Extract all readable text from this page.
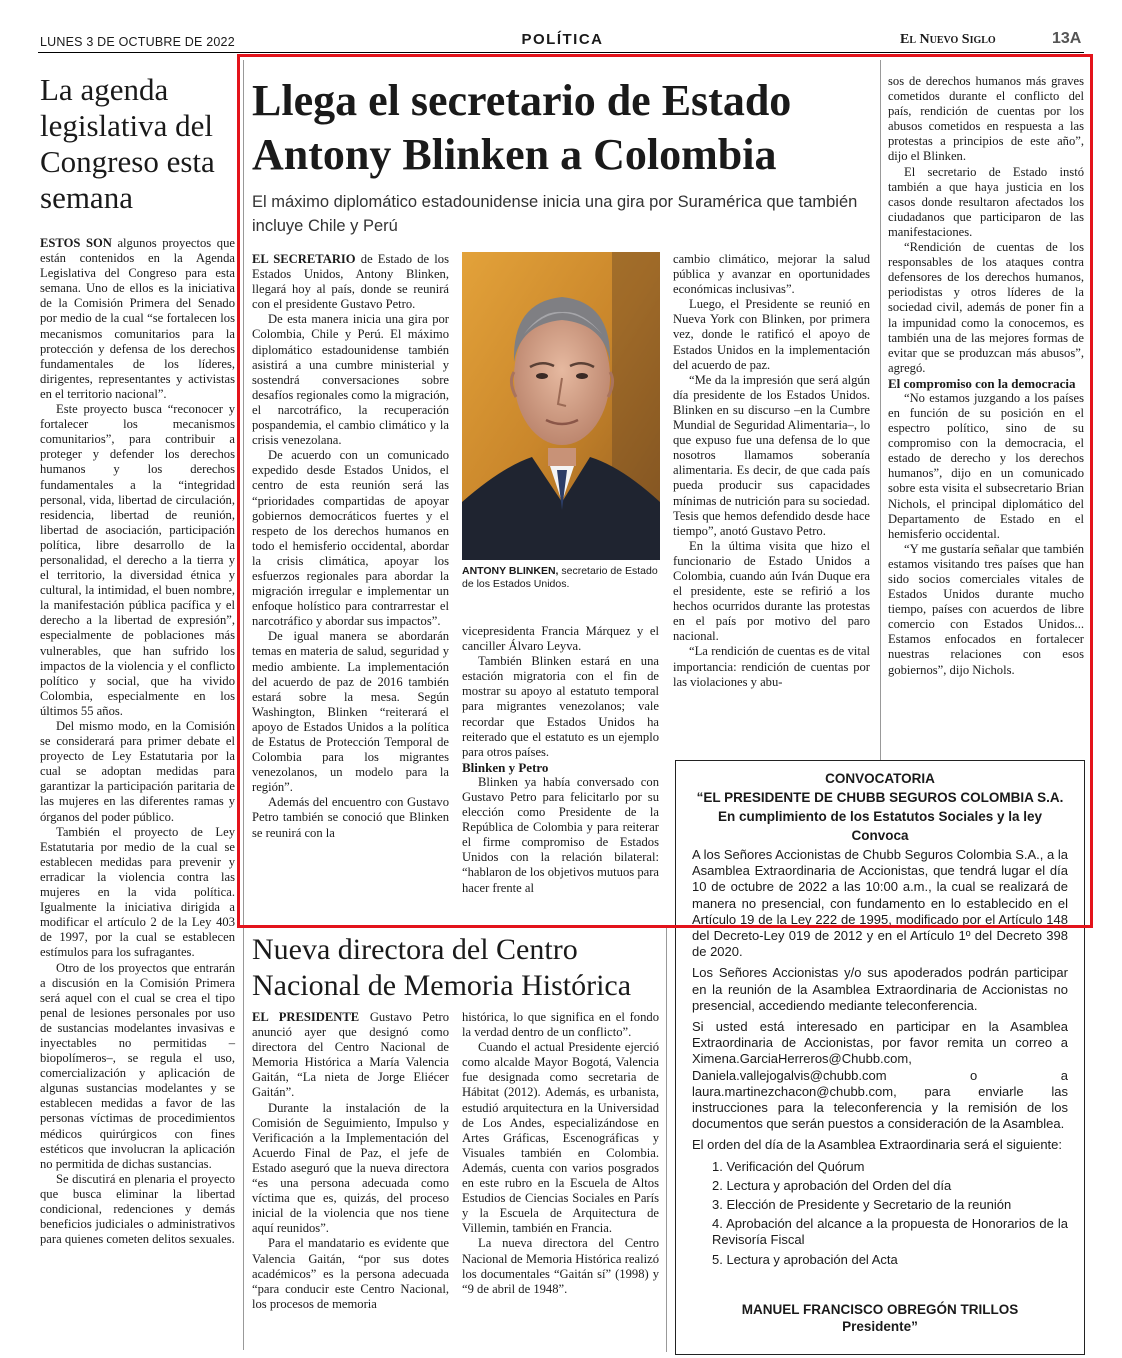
LUNES 3 DE OCTUBRE DE 2022	POLÍTICA	El Nuevo Siglo	13A
La agenda legislativa del Congreso esta semana

ESTOS SON algunos proyectos que están contenidos en la Agenda Legislativa del Congreso para esta semana. Uno de ellos es la iniciativa de la Comisión Primera del Senado por medio de la cual “se fortalecen los mecanismos comunitarios para la protección y defensa de los derechos fundamentales de los líderes, dirigentes, representantes y activistas en el territorio nacional”.

Este proyecto busca “reconocer y fortalecer los mecanismos comunitarios”, para contribuir a proteger y defender los derechos humanos y los derechos fundamentales a la “integridad personal, vida, libertad de circulación, residencia, libertad de reunión, libertad de asociación, participación política, libre desarrollo de la personalidad, el derecho a la tierra y el territorio, la diversidad étnica y cultural, la intimidad, el buen nombre, la manifestación pública pacífica y el derecho a la libertad de expresión”, especialmente de poblaciones más vulnerables, que han sufrido los impactos de la violencia y el conflicto político y social, que ha vivido Colombia, especialmente en los últimos 55 años.

Del mismo modo, en la Comisión se considerará para primer debate el proyecto de Ley Estatutaria por la cual se adoptan medidas para garantizar la participación paritaria de las mujeres en las diferentes ramas y órganos del poder público.

También el proyecto de Ley Estatutaria por medio de la cual se establecen medidas para prevenir y erradicar la violencia contra las mujeres en la vida política. Igualmente la iniciativa dirigida a modificar el artículo 2 de la Ley 403 de 1997, por la cual se establecen estímulos para los sufragantes.

Otro de los proyectos que entrarán a discusión en la Comisión Primera será aquel con el cual se crea el tipo penal de lesiones personales por uso de sustancias modelantes invasivas e inyectables no permitidas –biopolímeros–, se regula el uso, comercialización y aplicación de algunas sustancias modelantes y se establecen medidas a favor de las personas víctimas de procedimientos médicos quirúrgicos con fines estéticos que involucran la aplicación no permitida de dichas sustancias.

Se discutirá en plenaria el proyecto que busca eliminar la libertad condicional, redenciones y demás beneficios judiciales o administrativos para quienes cometen delitos sexuales.

Llega el secretario de Estado Antony Blinken a Colombia
El máximo diplomático estadounidense inicia una gira por Suramérica que también incluye Chile y Perú

EL SECRETARIO de Estado de los Estados Unidos, Antony Blinken, llegará hoy al país, donde se reunirá con el presidente Gustavo Petro.

De esta manera inicia una gira por Colombia, Chile y Perú. El máximo diplomático estadounidense también asistirá a una cumbre ministerial y sostendrá conversaciones sobre desafíos regionales como la migración, el narcotráfico, la recuperación pospandemia, el cambio climático y la crisis venezolana.

De acuerdo con un comunicado expedido desde Estados Unidos, el centro de esta reunión será las “prioridades compartidas de apoyar gobiernos democráticos fuertes y el respeto de los derechos humanos en todo el hemisferio occidental, abordar la crisis climática, apoyar los esfuerzos regionales para abordar la migración irregular e implementar un enfoque holístico para contrarrestar el narcotráfico y abordar sus impactos”.

De igual manera se abordarán temas en materia de salud, seguridad y medio ambiente. La implementación del acuerdo de paz de 2016 también estará sobre la mesa. Según Washington, Blinken “reiterará el apoyo de Estados Unidos a la política de Estatus de Protección Temporal de Colombia para los migrantes venezolanos, un modelo para la región”.

Además del encuentro con Gustavo Petro también se conoció que Blinken se reunirá con la

ANTONY BLINKEN, secretario de Estado de los Estados Unidos.

vicepresidenta Francia Márquez y el canciller Álvaro Leyva.

También Blinken estará en una estación migratoria con el fin de mostrar su apoyo al estatuto temporal para migrantes venezolanos; vale recordar que Estados Unidos ha reiterado que el estatuto es un ejemplo para otros países.

Blinken y Petro

Blinken ya había conversado con Gustavo Petro para felicitarlo por su elección como Presidente de la República de Colombia y para reiterar el firme compromiso de Estados Unidos con la relación bilateral: “hablaron de los objetivos mutuos para hacer frente al

cambio climático, mejorar la salud pública y avanzar en oportunidades económicas inclusivas”.

Luego, el Presidente se reunió en Nueva York con Blinken, por primera vez, donde le ratificó el apoyo de Estados Unidos en la implementación del acuerdo de paz.

“Me da la impresión que será algún día presidente de los Estados Unidos. Blinken en su discurso –en la Cumbre Mundial de Seguridad Alimentaria–, lo que expuso fue una defensa de lo que nosotros llamamos soberanía alimentaria. Es decir, de que cada país pueda producir sus capacidades mínimas de nutrición para su sociedad. Tesis que hemos defendido desde hace tiempo”, anotó Gustavo Petro.

En la última visita que hizo el funcionario de Estado Unidos a Colombia, cuando aún Iván Duque era el presidente, este se refirió a los hechos ocurridos durante las protestas en el país por motivo del paro nacional.

“La rendición de cuentas es de vital importancia: rendición de cuentas por las violaciones y abu-

sos de derechos humanos más graves cometidos durante el conflicto del país, rendición de cuentas por los abusos cometidos en respuesta a las protestas a principios de este año”, dijo el Blinken.

El secretario de Estado instó también a que haya justicia en los casos donde resultaron afectados los ciudadanos que participaron de las manifestaciones.

“Rendición de cuentas de los responsables de los ataques contra defensores de los derechos humanos, periodistas y otros líderes de la sociedad civil, además de poner fin a la impunidad como la conocemos, es también una de las mejores formas de evitar que se produzcan más abusos”, agregó.

El compromiso con la democracia

“No estamos juzgando a los países en función de su posición en el espectro político, sino de su compromiso con la democracia, el estado de derecho y los derechos humanos”, dijo en un comunicado sobre esta visita el subsecretario Brian Nichols, el principal diplomático del Departamento de Estado en el hemisferio occidental.

“Y me gustaría señalar que también estamos visitando tres países que han sido socios comerciales vitales de Estados Unidos durante mucho tiempo, países con acuerdos de libre comercio con Estados Unidos... Estamos enfocados en fortalecer nuestras relaciones con esos gobiernos”, dijo Nichols.

Nueva directora del Centro Nacional de Memoria Histórica

EL PRESIDENTE Gustavo Petro anunció ayer que designó como directora del Centro Nacional de Memoria Histórica a María Valencia Gaitán, “La nieta de Jorge Eliécer Gaitán”.

Durante la instalación de la Comisión de Seguimiento, Impulso y Verificación a la Implementación del Acuerdo Final de Paz, el jefe de Estado aseguró que la nueva directora “es una persona adecuada como víctima que es, quizás, del proceso inicial de la violencia que nos tiene aquí reunidos”.

Para el mandatario es evidente que Valencia Gaitán, “por sus dotes académicos” es la persona adecuada “para conducir este Centro Nacional, los procesos de memoria

histórica, lo que significa en el fondo la verdad dentro de un conflicto”.

Cuando el actual Presidente ejerció como alcalde Mayor Bogotá, Valencia fue designada como secretaria de Hábitat (2012). Además, es urbanista, estudió arquitectura en la Universidad de Los Andes, especializándose en Artes Gráficas, Escenográficas y Visuales también en Colombia. Además, cuenta con varios posgrados en este rubro en la Escuela de Altos Estudios de Ciencias Sociales en París y la Escuela de Arquitectura de Villemin, también en Francia.

La nueva directora del Centro Nacional de Memoria Histórica realizó los documentales “Gaitán sí” (1998) y “9 de abril de 1948”.

CONVOCATORIA
“EL PRESIDENTE DE CHUBB SEGUROS COLOMBIA S.A.
En cumplimiento de los Estatutos Sociales y la ley
Convoca

A los Señores Accionistas de Chubb Seguros Colombia S.A., a la Asamblea Extraordinaria de Accionistas, que tendrá lugar el día 10 de octubre de 2022 a las 10:00 a.m., la cual se realizará de manera no presencial, con fundamento en lo establecido en el Artículo 19 de la Ley 222 de 1995, modificado por el Artículo 148 del Decreto-Ley 019 de 2012 y en el Artículo 1º del Decreto 398 de 2020.

Los Señores Accionistas y/o sus apoderados podrán participar en la reunión de la Asamblea Extraordinaria de Accionistas no presencial, accediendo mediante teleconferencia.

Si usted está interesado en participar en la Asamblea Extraordinaria de Accionistas, por favor remita un correo a Ximena.GarciaHerreros@Chubb.com, Daniela.vallejogalvis@chubb.com o a laura.martinezchacon@chubb.com, para enviarle las instrucciones para la teleconferencia y la remisión de los documentos que serán puestos a consideración de la Asamblea.

El orden del día de la Asamblea Extraordinaria será el siguiente:

1. Verificación del Quórum
2. Lectura y aprobación del Orden del día
3. Elección de Presidente y Secretario de la reunión
4. Aprobación del alcance a la propuesta de Honorarios de la Revisoría Fiscal
5. Lectura y aprobación del Acta
MANUEL FRANCISCO OBREGÓN TRILLOS
Presidente”
